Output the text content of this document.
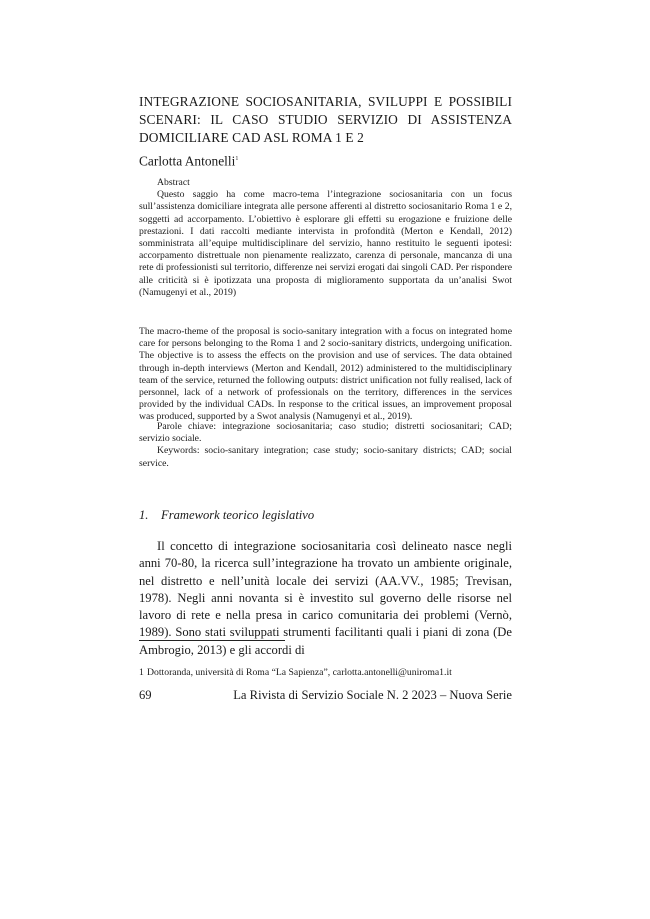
INTEGRAZIONE SOCIOSANITARIA, SVILUPPI E POSSIBILI SCENARI: IL CASO STUDIO SERVIZIO DI ASSISTENZA DOMICILIARE CAD ASL ROMA 1 E 2
Carlotta Antonelli$^1$
Abstract

Questo saggio ha come macro-tema l’integrazione sociosanitaria con un focus sull’assistenza domiciliare integrata alle persone afferenti al distretto sociosanitario Roma 1 e 2, soggetti ad accorpamento. L’obiettivo è esplorare gli effetti su erogazione e fruizione delle prestazioni. I dati raccolti mediante intervista in profondità (Merton e Kendall, 2012) somministrata all’equipe multidisciplinare del servizio, hanno restituito le seguenti ipotesi: accorpamento distrettuale non pienamente realizzato, carenza di personale, mancanza di una rete di professionisti sul territorio, differenze nei servizi erogati dai singoli CAD. Per rispondere alle criticità si è ipotizzata una proposta di miglioramento supportata da un’analisi Swot (Namugenyi et al., 2019)

The macro-theme of the proposal is socio-sanitary integration with a focus on integrated home care for persons belonging to the Roma 1 and 2 socio-sanitary districts, undergoing unification. The objective is to assess the effects on the provision and use of services. The data obtained through in-depth interviews (Merton and Kendall, 2012) administered to the multidisciplinary team of the service, returned the following outputs: district unification not fully realised, lack of personnel, lack of a network of professionals on the territory, differences in the services provided by the individual CADs. In response to the critical issues, an improvement proposal was produced, supported by a Swot analysis (Namugenyi et al., 2019).

Parole chiave: integrazione sociosanitaria; caso studio; distretti sociosanitari; CAD; servizio sociale.

Keywords: socio-sanitary integration; case study; socio-sanitary districts; CAD; social service.

1. Framework teorico legislativo

Il concetto di integrazione sociosanitaria così delineato nasce negli anni 70-80, la ricerca sull’integrazione ha trovato un ambiente originale, nel distretto e nell’unità locale dei servizi (AA.VV., 1985; Trevisan, 1978). Negli anni novanta si è investito sul governo delle risorse nel lavoro di rete e nella presa in carico comunitaria dei problemi (Vernò, 1989). Sono stati sviluppati strumenti facilitanti quali i piani di zona (De Ambrogio, 2013) e gli accordi di

1 Dottoranda, università di Roma “La Sapienza”, carlotta.antonelli@uniroma1.it
69	La Rivista di Servizio Sociale N. 2 2023 – Nuova Serie
